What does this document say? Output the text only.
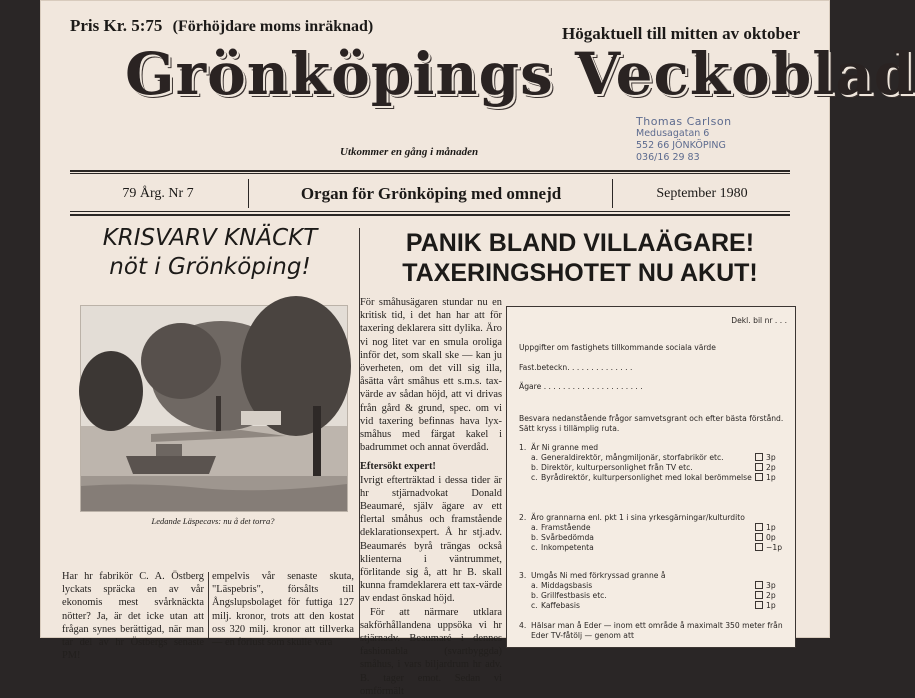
Pris Kr. 5:75 (Förhöjdare moms inräknad)	Högaktuell till mitten av oktober
Grönköpings Veckoblad
Thomas Carlson
Medusagatan 6
552 66 JÖNKÖPING
036/16 29 83
Utkommer en gång i månaden
79 Årg. Nr 7	Organ för Grönköping med omnejd	September 1980
KRISVARV KNÄCKT
nöt i Grönköping!
Ledande Läspecavs: nu å det torra?

Har hr fabrikör C. A. Östberg lyckats spräcka en av vår ekonomis mest svårknäckta nötter? Ja, är det icke utan att frågan synes berättigad, när man tar del av hr Östbergs senaste PM!

empelvis vår senaste skuta, "Läspebris", försålts till Ångslupsbolaget för futtiga 127 milj. kronor, trots att den kostat oss 320 milj. kronor att tillverka — en förlust som skulle vara

PANIK BLAND VILLAÄGARE!
TAXERINGSHOTET NU AKUT!

För småhusägaren stundar nu en kritisk tid, i det han har att för taxering deklarera sitt dylika. Äro vi nog litet var en smula oroliga inför det, som skall ske — kan ju överheten, om det vill sig illa, åsätta vårt småhus ett s.m.s. tax-värde av sådan höjd, att vi drivas från gård & grund, spec. om vi vid taxering befinnas hava lyx-småhus med färgat kakel i badrummet och annat överdåd.

Eftersökt expert!

Ivrigt efterträktad i dessa tider är hr stjärnadvokat Donald Beaumaré, själv ägare av ett flertal småhus och framstående deklarationsexpert. Å hr stj.adv. Beaumarés byrå trängas också klienterna i väntrummet, förlitande sig å, att hr B. skall kunna framdeklarera ett tax-värde av endast önskad höjd.

För att närmare utklara sakförhållandena uppsöka vi hr stjärnadv. Beaumaré i dennes fashionabla (svartbyggda) småhus, i vars biljardrum hr adv. B. tager emot. Sedan vi omförmält

Dekl. bil nr . . .
Uppgifter om fastighets tillkommande sociala värde
Fast.beteckn. . . . . . . . . . . . . .
Ägare . . . . . . . . . . . . . . . . . . . . .
Besvara nedanstående frågor samvetsgrant och efter bästa förstånd. Sätt kryss i tillämplig ruta.
1. Är Ni granne med
a. Generaldirektör, mångmiljonär, storfabrikör etc.	3p
b. Direktör, kulturpersonlighet från TV etc.	2p
c. Byrådirektör, kulturpersonlighet med lokal berömmelse	1p
2. Äro grannarna enl. pkt 1 i sina yrkesgärningar/kulturdito
a. Framstående	1p
b. Svårbedömda	0p
c. Inkompetenta	−1p
3. Umgås Ni med förkryssad granne å
a. Middagsbasis	3p
b. Grillfestbasis etc.	2p
c. Kaffebasis	1p
4. Hälsar man å Eder — inom ett område å maximalt 350 meter från Eder TV-fåtölj — genom att
